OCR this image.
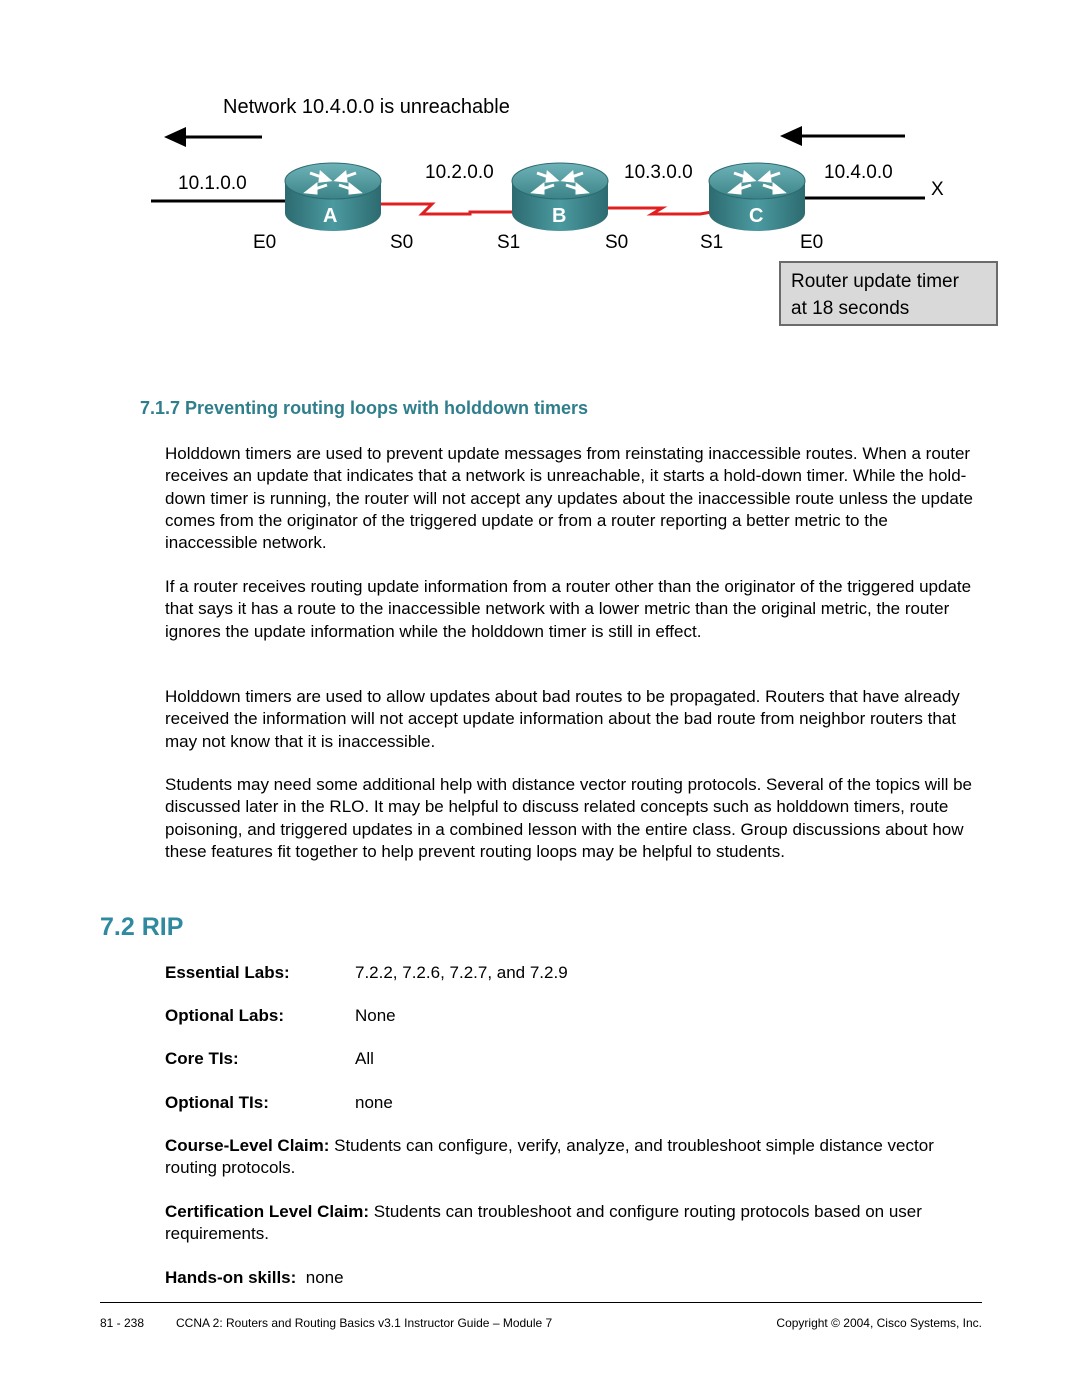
Network 10.4.0.0 is unreachable
A	B	C
10.1.0.0
10.2.0.0	10.3.0.0	10.4.0.0
X
E0	S0	S1	S0	S1	E0
Router update timer
at 18 seconds
7.1.7 Preventing routing loops with holddown timers

Holddown timers are used to prevent update messages from reinstating inaccessible routes. When a router receives an update that indicates that a network is unreachable, it starts a hold-down timer. While the hold-down timer is running, the router will not accept any updates about the inaccessible route unless the update comes from the originator of the triggered update or from a router reporting a better metric to the inaccessible network.

If a router receives routing update information from a router other than the originator of the triggered update that says it has a route to the inaccessible network with a lower metric than the original metric, the router ignores the update information while the holddown timer is still in effect.

Holddown timers are used to allow updates about bad routes to be propagated. Routers that have already received the information will not accept update information about the bad route from neighbor routers that may not know that it is inaccessible.

Students may need some additional help with distance vector routing protocols. Several of the topics will be discussed later in the RLO. It may be helpful to discuss related concepts such as holddown timers, route poisoning, and triggered updates in a combined lesson with the entire class. Group discussions about how these features fit together to help prevent routing loops may be helpful to students.

7.2 RIP
Essential Labs:	7.2.2, 7.2.6, 7.2.7, and 7.2.9
Optional Labs:	None
Core TIs:	All
Optional TIs:	none

Course-Level Claim: Students can configure, verify, analyze, and troubleshoot simple distance vector routing protocols.

Certification Level Claim: Students can troubleshoot and configure routing protocols based on user requirements.

Hands-on skills:  none

81 - 238	CCNA 2: Routers and Routing Basics v3.1 Instructor Guide – Module 7	Copyright © 2004, Cisco Systems, Inc.
